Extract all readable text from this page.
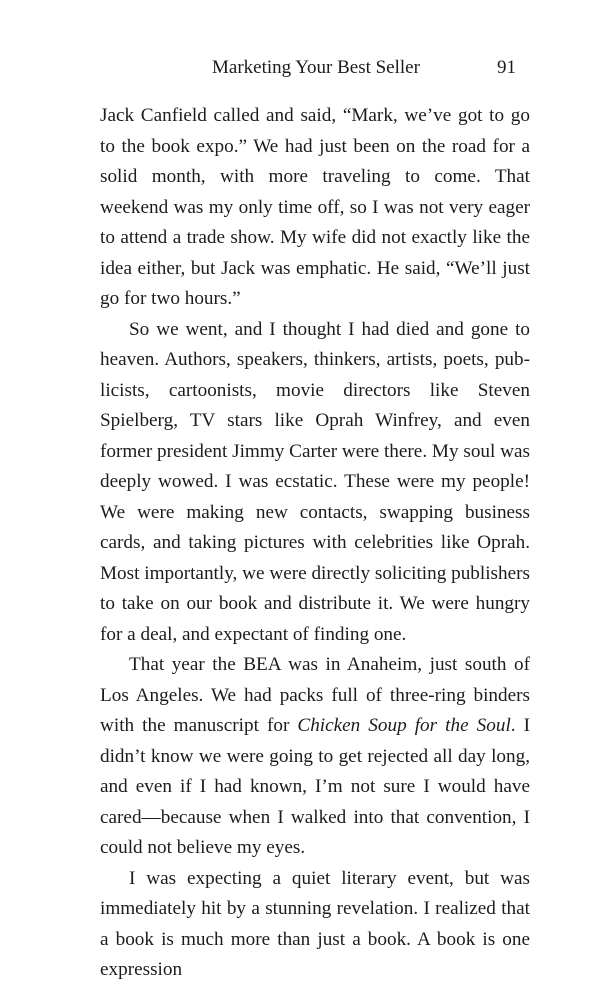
Marketing Your Best Seller	91

Jack Canfield called and said, “Mark, we’ve got to go to the book expo.” We had just been on the road for a solid month, with more traveling to come. That weekend was my only time off, so I was not very eager to attend a trade show. My wife did not exactly like the idea either, but Jack was emphatic. He said, “We’ll just go for two hours.”

So we went, and I thought I had died and gone to heaven. Authors, speakers, thinkers, artists, poets, publicists, cartoonists, movie directors like Steven Spielberg, TV stars like Oprah Winfrey, and even former president Jimmy Carter were there. My soul was deeply wowed. I was ecstatic. These were my people! We were making new contacts, swapping business cards, and taking pictures with celebrities like Oprah. Most importantly, we were directly soliciting publishers to take on our book and distribute it. We were hungry for a deal, and expectant of finding one.

That year the BEA was in Anaheim, just south of Los Angeles. We had packs full of three-ring binders with the manuscript for Chicken Soup for the Soul. I didn’t know we were going to get rejected all day long, and even if I had known, I’m not sure I would have cared—because when I walked into that convention, I could not believe my eyes.

I was expecting a quiet literary event, but was immediately hit by a stunning revelation. I realized that a book is much more than just a book. A book is one expression
